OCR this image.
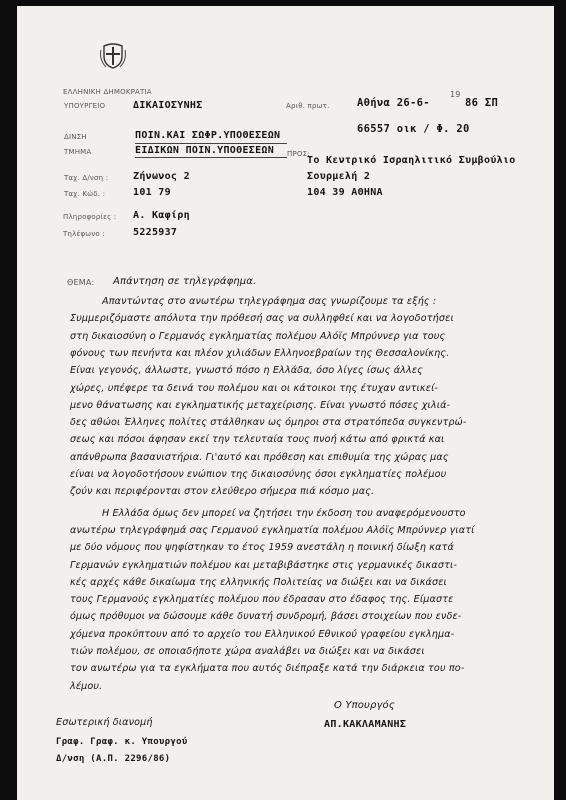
ΕΛΛΗΝΙΚΗ ΔΗΜΟΚΡΑΤΙΑ
ΥΠΟΥΡΓΕΙΟ	ΔΙΚΑΙΟΣΥΝΗΣ
ΔΙΝΣΗ	ΠΟΙΝ.ΚΑΙ ΣΩΦΡ.ΥΠΟΘΕΣΕΩΝ
ΤΜΗΜΑ	ΕΙΔΙΚΩΝ ΠΟΙΝ.ΥΠΟΘΕΣΕΩΝ
Ταχ. Δ/νση : Ζήνωνος 2
Ταχ. Κώδ. :	101 79
Πληροφορίες : Α. Καφίρη
Τηλέφωνο :	5225937
Αθήνα 26-6-
19
86 ΣΠ
Αριθ. πρωτ.
66557 οικ / Φ. 20
ΠΡΟΣ:
Το Κεντρικό Ισραηλιτικό Συμβούλιο
Σουρμελή 2
104 39 ΑΘΗΝΑ
ΘΕΜΑ: Απάντηση σε τηλεγράφημα.
Απαντώντας στο ανωτέρω τηλεγράφημα σας γνωρίζουμε τα εξής :
Συμμεριζόμαστε απόλυτα την πρόθεσή σας να συλληφθεί και να λογοδοτήσει
στη δικαιοσύνη ο Γερμανός εγκληματίας πολέμου Αλόϊς Μπρύννερ για τους
φόνους των πενήντα και πλέον χιλιάδων Ελληνοεβραίων της Θεσσαλονίκης.
Είναι γεγονός, άλλωστε, γνωστό πόσο η Ελλάδα, όσο λίγες ίσως άλλες
χώρες, υπέφερε τα δεινά του πολέμου και οι κάτοικοι της έτυχαν αντικεί-
μενο θάνατωσης και εγκληματικής μεταχείρισης. Είναι γνωστό πόσες χιλιά-
δες αθώοι Έλληνες πολίτες στάλθηκαν ως όμηροι στα στρατόπεδα συγκεντρώ-
σεως και πόσοι άφησαν εκεί την τελευταία τους πνοή κάτω από φρικτά και
απάνθρωπα βασανιστήρια. Γι'αυτό και πρόθεση και επιθυμία της χώρας μας
είναι να λογοδοτήσουν ενώπιον της δικαιοσύνης όσοι εγκληματίες πολέμου
ζούν και περιφέρονται στον ελεύθερο σήμερα πιά κόσμο μας.
Η Ελλάδα όμως δεν μπορεί να ζητήσει την έκδοση του αναφερόμενουστο
ανωτέρω τηλεγράφημά σας Γερμανού εγκληματία πολέμου Αλόϊς Μπρύννερ γιατί
με δύο νόμους που ψηφίστηκαν το έτος 1959 ανεστάλη η ποινική δίωξη κατά
Γερμανών εγκληματιών πολέμου και μεταβιβάστηκε στις γερμανικές δικαστι-
κές αρχές κάθε δικαίωμα της ελληνικής Πολιτείας να διώξει και να δικάσει
τους Γερμανούς εγκληματίες πολέμου που έδρασαν στο έδαφος της. Είμαστε
όμως πρόθυμοι να δώσουμε κάθε δυνατή συνδρομή, βάσει στοιχείων που ενδε-
χόμενα προκύπτουν από το αρχείο του Ελληνικού Εθνικού γραφείου εγκλημα-
τιών πολέμου, σε οποιαδήποτε χώρα αναλάβει να διώξει και να δικάσει
τον ανωτέρω για τα εγκλήματα που αυτός διέπραξε κατά την διάρκεια του πο-
λέμου.
Ο Υπουργός
ΑΠ.ΚΑΚΛΑΜΑΝΗΣ
Εσωτερική διανομή
Γραφ. Γραφ. κ. Υπουργού
Δ/νση (Α.Π. 2296/86)
